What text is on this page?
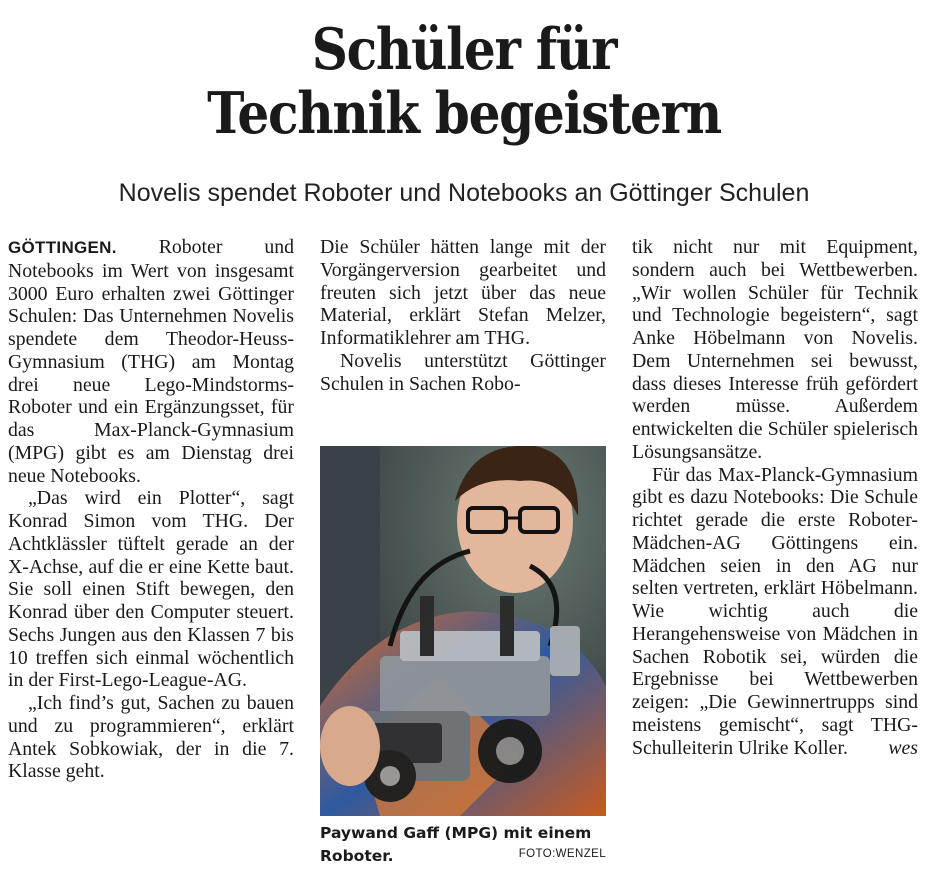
Schüler für
Technik begeistern
Novelis spendet Roboter und Notebooks an Göttinger Schulen

GÖTTINGEN. Roboter und Notebooks im Wert von insgesamt 3000 Euro erhalten zwei Göttinger Schulen: Das Unternehmen Novelis spendete dem Theodor-Heuss-Gymnasium (THG) am Montag drei neue Lego-Mindstorms-Roboter und ein Ergänzungsset, für das Max-Planck-Gymnasium (MPG) gibt es am Dienstag drei neue Notebooks.

„Das wird ein Plotter“, sagt Konrad Simon vom THG. Der Achtklässler tüftelt gerade an der X-Achse, auf die er eine Kette baut. Sie soll einen Stift bewegen, den Konrad über den Computer steuert. Sechs Jungen aus den Klassen 7 bis 10 treffen sich einmal wöchentlich in der First-Lego-League-AG.

„Ich find’s gut, Sachen zu bauen und zu programmieren“, erklärt Antek Sobkowiak, der in die 7. Klasse geht.

Die Schüler hätten lange mit der Vorgängerversion gearbeitet und freuten sich jetzt über das neue Material, erklärt Stefan Melzer, Informatiklehrer am THG.

Novelis unterstützt Göttinger Schulen in Sachen Robo-

Paywand Gaff (MPG) mit einem Roboter.	FOTO:WENZEL

tik nicht nur mit Equipment, sondern auch bei Wettbewerben. „Wir wollen Schüler für Technik und Technologie begeistern“, sagt Anke Höbelmann von Novelis. Dem Unternehmen sei bewusst, dass dieses Interesse früh gefördert werden müsse. Außerdem entwickelten die Schüler spielerisch Lösungsansätze.

Für das Max-Planck-Gymnasium gibt es dazu Notebooks: Die Schule richtet gerade die erste Roboter-Mädchen-AG Göttingens ein. Mädchen seien in den AG nur selten vertreten, erklärt Höbelmann. Wie wichtig auch die Herangehensweise von Mädchen in Sachen Robotik sei, würden die Ergebnisse bei Wettbewerben zeigen: „Die Gewinnertrupps sind meistens gemischt“, sagt THG-Schulleiterin Ulrike Koller.	wes
